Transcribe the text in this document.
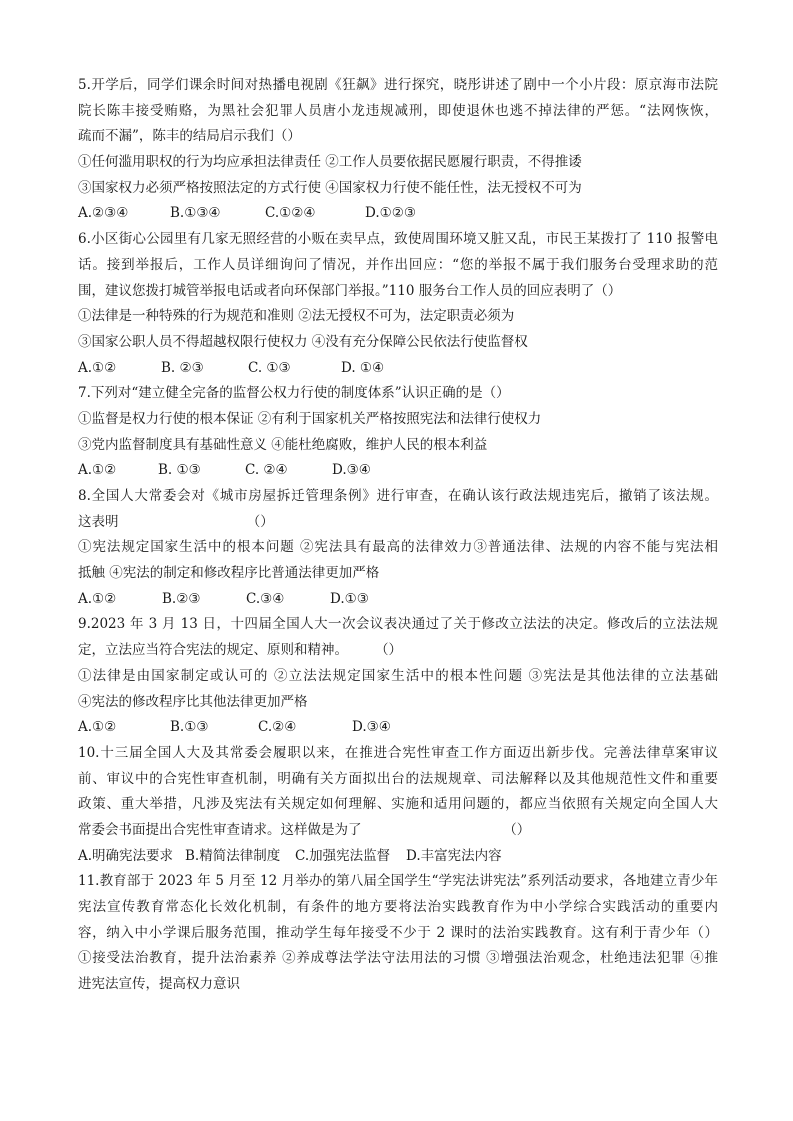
5.开学后，同学们课余时间对热播电视剧《狂飙》进行探究，晓彤讲述了剧中一个小片段：原京海市法院
院长陈丰接受贿赂，为黑社会犯罪人员唐小龙违规减刑，即使退休也逃不掉法律的严惩。“法网恢恢，
疏而不漏”，陈丰的结局启示我们（）
①任何滥用职权的行为均应承担法律责任 ②工作人员要依据民愿履行职责，不得推诿
③国家权力必须严格按照法定的方式行使 ④国家权力行使不能任性，法无授权不可为
A.②③④	B.①③④	C.①②④	D.①②③
6.小区街心公园里有几家无照经营的小贩在卖早点，致使周围环境又脏又乱，市民王某拨打了 110 报警电
话。接到举报后，工作人员详细询问了情况，并作出回应：“您的举报不属于我们服务台受理求助的范
围，建议您拨打城管举报电话或者向环保部门举报。”110 服务台工作人员的回应表明了（）
①法律是一种特殊的行为规范和准则 ②法无授权不可为，法定职责必须为
③国家公职人员不得超越权限行使权力 ④没有充分保障公民依法行使监督权
A.①②	B. ②③	C. ①③	D. ①④
7.下列对“建立健全完备的监督公权力行使的制度体系”认识正确的是（）
①监督是权力行使的根本保证 ②有利于国家机关严格按照宪法和法律行使权力
③党内监督制度具有基础性意义 ④能杜绝腐败，维护人民的根本利益
A.①②	B. ①③	C. ②④	D.③④
8.全国人大常委会对《城市房屋拆迁管理条例》进行审查，在确认该行政法规违宪后，撤销了该法规。
这表明　　　　　　　　　　（）
①宪法规定国家生活中的根本问题 ②宪法具有最高的法律效力③普通法律、法规的内容不能与宪法相
抵触 ④宪法的制定和修改程序比普通法律更加严格
A.①②	B.②③	C.③④	D.①③
9.2023 年 3 月 13 日，十四届全国人大一次会议表决通过了关于修改立法法的决定。修改后的立法法规
定，立法应当符合宪法的规定、原则和精神。　　　（）
①法律是由国家制定或认可的 ②立法法规定国家生活中的根本性问题 ③宪法是其他法律的立法基础
④宪法的修改程序比其他法律更加严格
A.①②	B.①③	C.②④	D.③④
10.十三届全国人大及其常委会履职以来，在推进合宪性审查工作方面迈出新步伐。完善法律草案审议
前、审议中的合宪性审查机制，明确有关方面拟出台的法规规章、司法解释以及其他规范性文件和重要
政策、重大举措，凡涉及宪法有关规定如何理解、实施和适用问题的，都应当依照有关规定向全国人大
常委会书面提出合宪性审查请求。这样做是为了　　　　　　　　　　　（）
A.明确宪法要求 B.精简法律制度	C.加强宪法监督	D.丰富宪法内容
11.教育部于 2023 年 5 月至 12 月举办的第八届全国学生“学宪法讲宪法”系列活动要求，各地建立青少年
宪法宣传教育常态化长效化机制，有条件的地方要将法治实践教育作为中小学综合实践活动的重要内
容，纳入中小学课后服务范围，推动学生每年接受不少于 2 课时的法治实践教育。这有利于青少年（）
①接受法治教育，提升法治素养 ②养成尊法学法守法用法的习惯 ③增强法治观念，杜绝违法犯罪 ④推
进宪法宣传，提高权力意识
